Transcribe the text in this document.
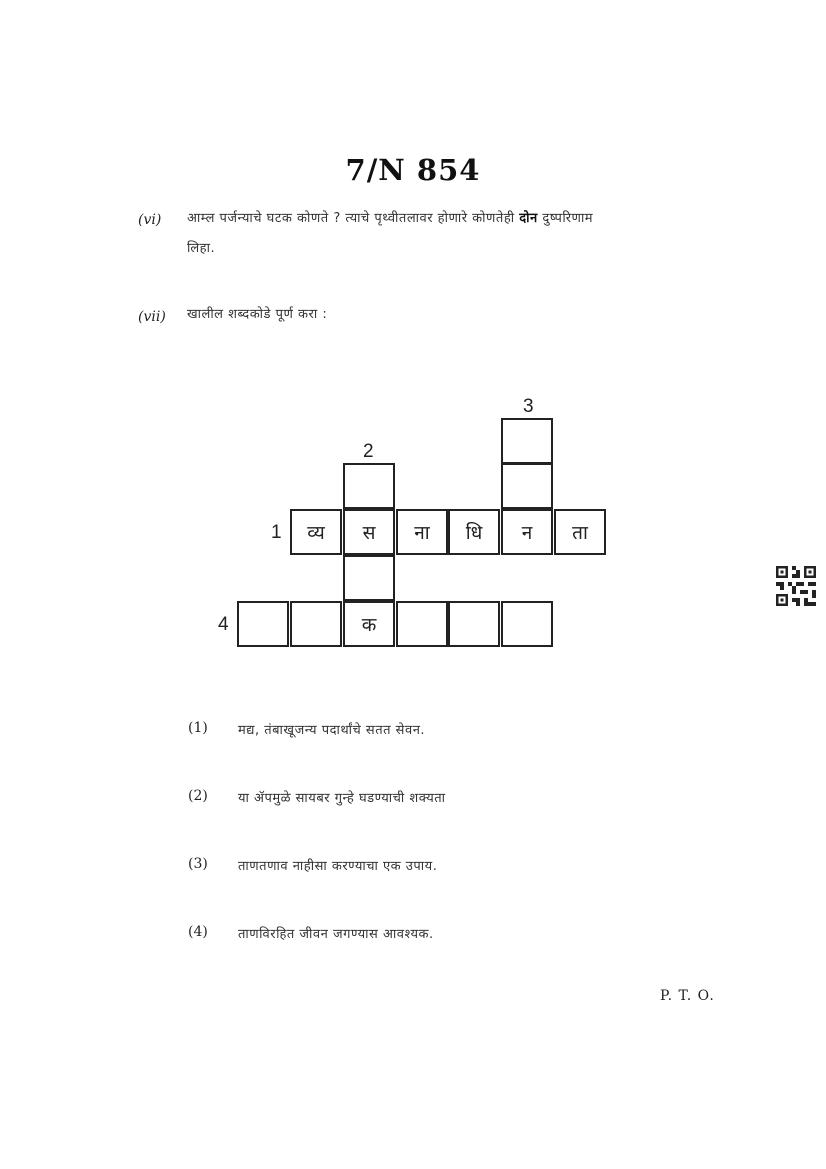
7/N 854
(vi) आम्ल पर्जन्याचे घटक कोणते ? त्याचे पृथ्वीतलावर होणारे कोणतेही दोन दुष्परिणाम
लिहा.
(vii) खालील शब्दकोडे पूर्ण करा :
3
2
1
4
व्य	स	ना	धि	न	ता
क
(1) मद्य, तंबाखूजन्य पदार्थांचे सतत सेवन.
(2) या ॲपमुळे सायबर गुन्हे घडण्याची शक्यता
(3) ताणतणाव नाहीसा करण्याचा एक उपाय.
(4) ताणविरहित जीवन जगण्यास आवश्यक.
P. T. O.
